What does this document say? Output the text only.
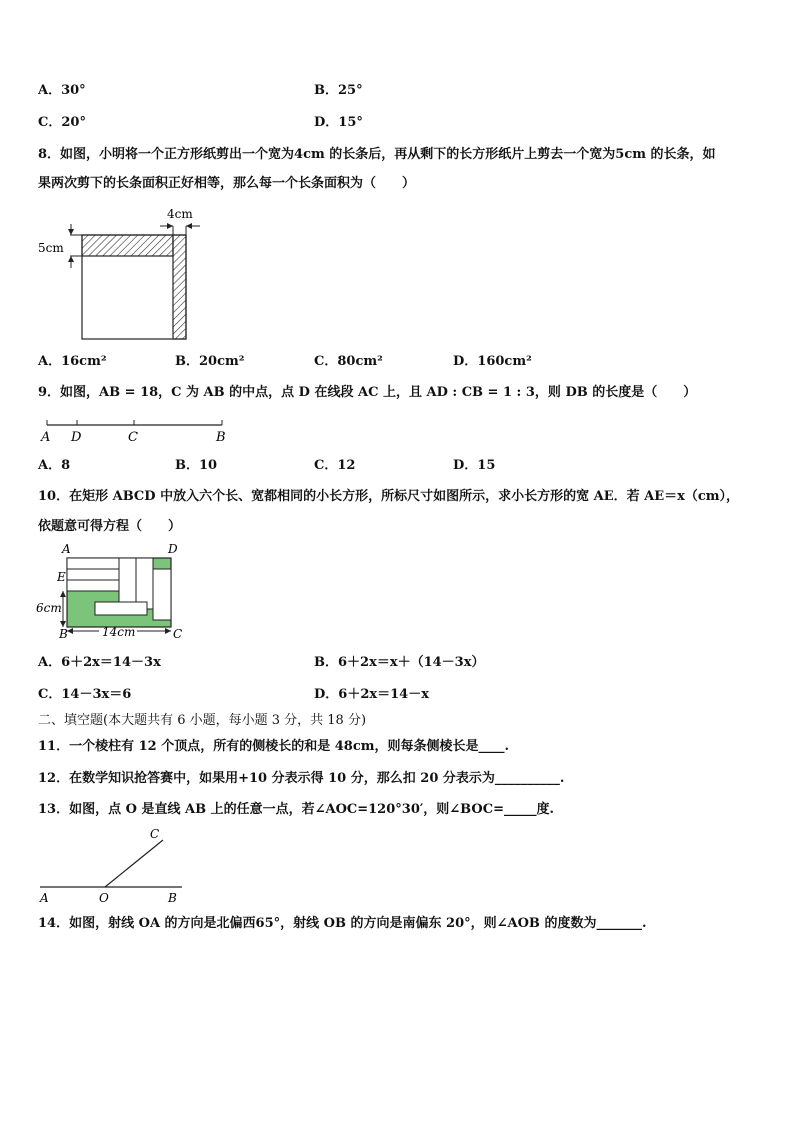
A．30°	B．25°
C．20°	D．15°
8．如图，小明将一个正方形纸剪出一个宽为4cm 的长条后，再从剩下的长方形纸片上剪去一个宽为5cm 的长条，如
果两次剪下的长条面积正好相等，那么每一个长条面积为（　　）
4cm
5cm
A．16cm²	B．20cm²	C．80cm²	D．160cm²
9．如图，AB = 18，C 为 AB 的中点，点 D 在线段 AC 上，且 AD : CB = 1 : 3，则 DB 的长度是（　　）
A D	C	B
A．8	B．10	C．12	D．15
10．在矩形 ABCD 中放入六个长、宽都相同的小长方形，所标尺寸如图所示，求小长方形的宽 AE．若 AE＝x（cm），
依题意可得方程（　　）
A	D
E
6cm
B	14cm	C
A．6＋2x＝14－3x	B．6＋2x＝x＋（14－3x）
C．14－3x＝6	D．6＋2x＝14－x
二、填空题(本大题共有 6 小题，每小题 3 分，共 18 分)
11．一个棱柱有 12 个顶点，所有的侧棱长的和是 48cm，则每条侧棱长是____.
12．在数学知识抢答赛中，如果用+10 分表示得 10 分，那么扣 20 分表示为__________.
13．如图，点 O 是直线 AB 上的任意一点，若∠AOC=120°30′，则∠BOC=_____度.
C
A	O	B
14．如图，射线 OA 的方向是北偏西65°，射线 OB 的方向是南偏东 20°，则∠AOB 的度数为_______.
